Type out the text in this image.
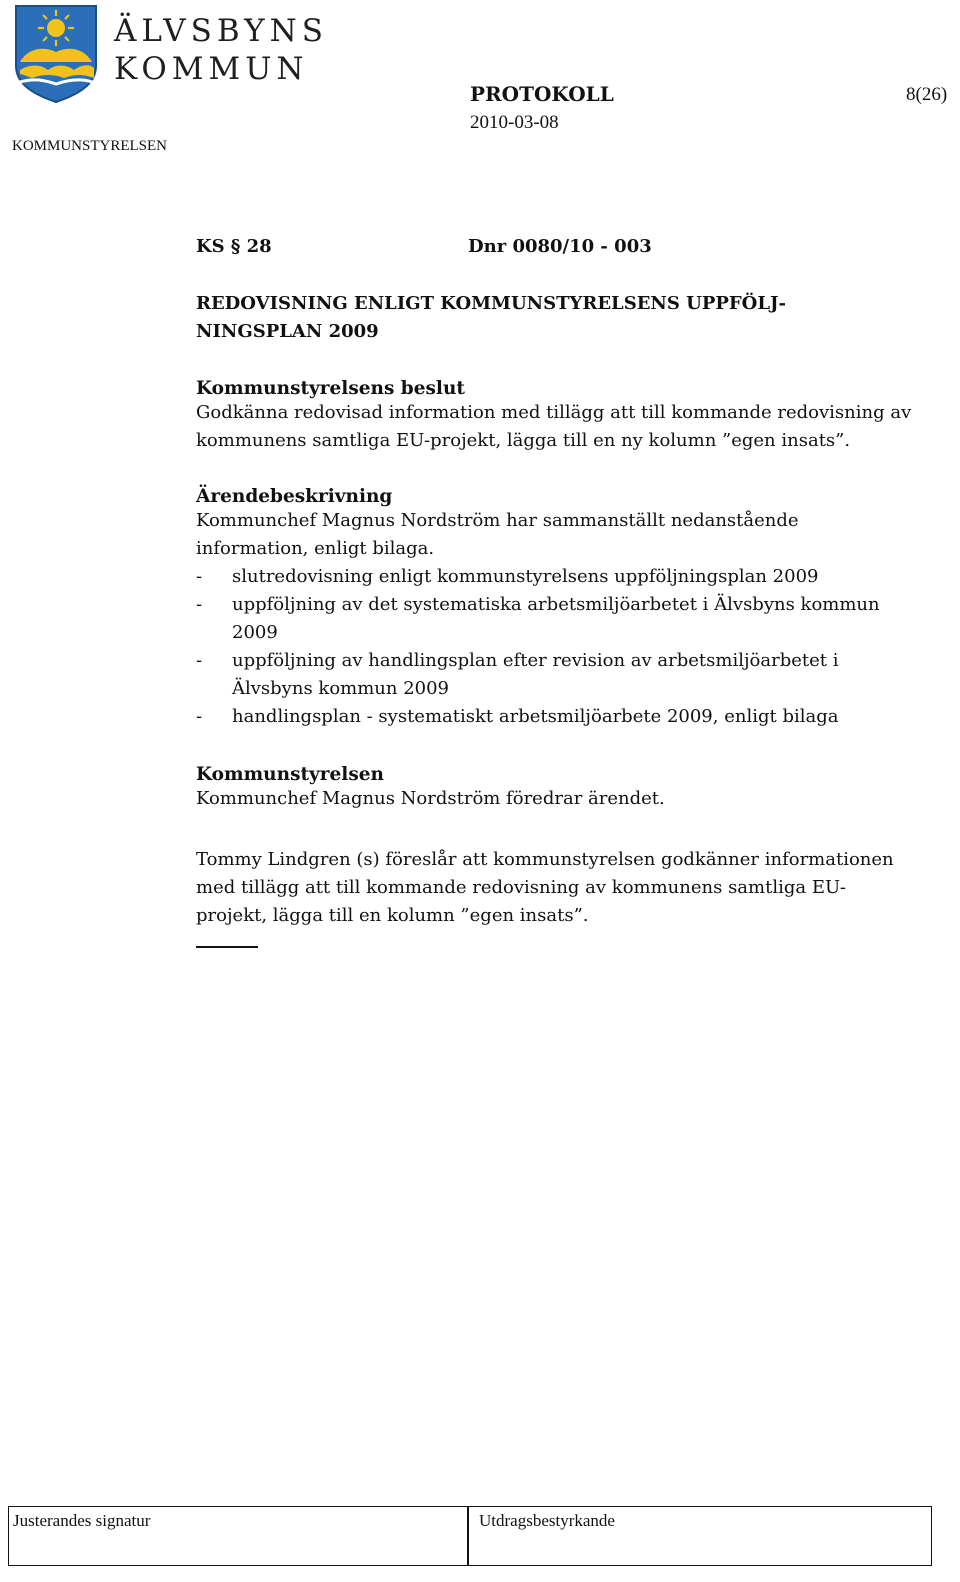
ÄLVSBYNS
KOMMUN
KOMMUNSTYRELSEN
PROTOKOLL
2010-03-08
8(26)
KS § 28	Dnr 0080/10 - 003
REDOVISNING ENLIGT KOMMUNSTYRELSENS UPPFÖLJ-
NINGSPLAN 2009
Kommunstyrelsens beslut
Godkänna redovisad information med tillägg att till kommande redovisning av kommunens samtliga EU-projekt, lägga till en ny kolumn ”egen insats”.
Ärendebeskrivning
Kommunchef Magnus Nordström har sammanställt nedanstående information, enligt bilaga.
- slutredovisning enligt kommunstyrelsens uppföljningsplan 2009
- uppföljning av det systematiska arbetsmiljöarbetet i Älvsbyns kommun 2009
- uppföljning av handlingsplan efter revision av arbetsmiljöarbetet i Älvsbyns kommun 2009
- handlingsplan - systematiskt arbetsmiljöarbete 2009, enligt bilaga
Kommunstyrelsen
Kommunchef Magnus Nordström föredrar ärendet.
Tommy Lindgren (s) föreslår att kommunstyrelsen godkänner informationen med tillägg att till kommande redovisning av kommunens samtliga EU-projekt, lägga till en kolumn ”egen insats”.
Justerandes signatur	Utdragsbestyrkande
